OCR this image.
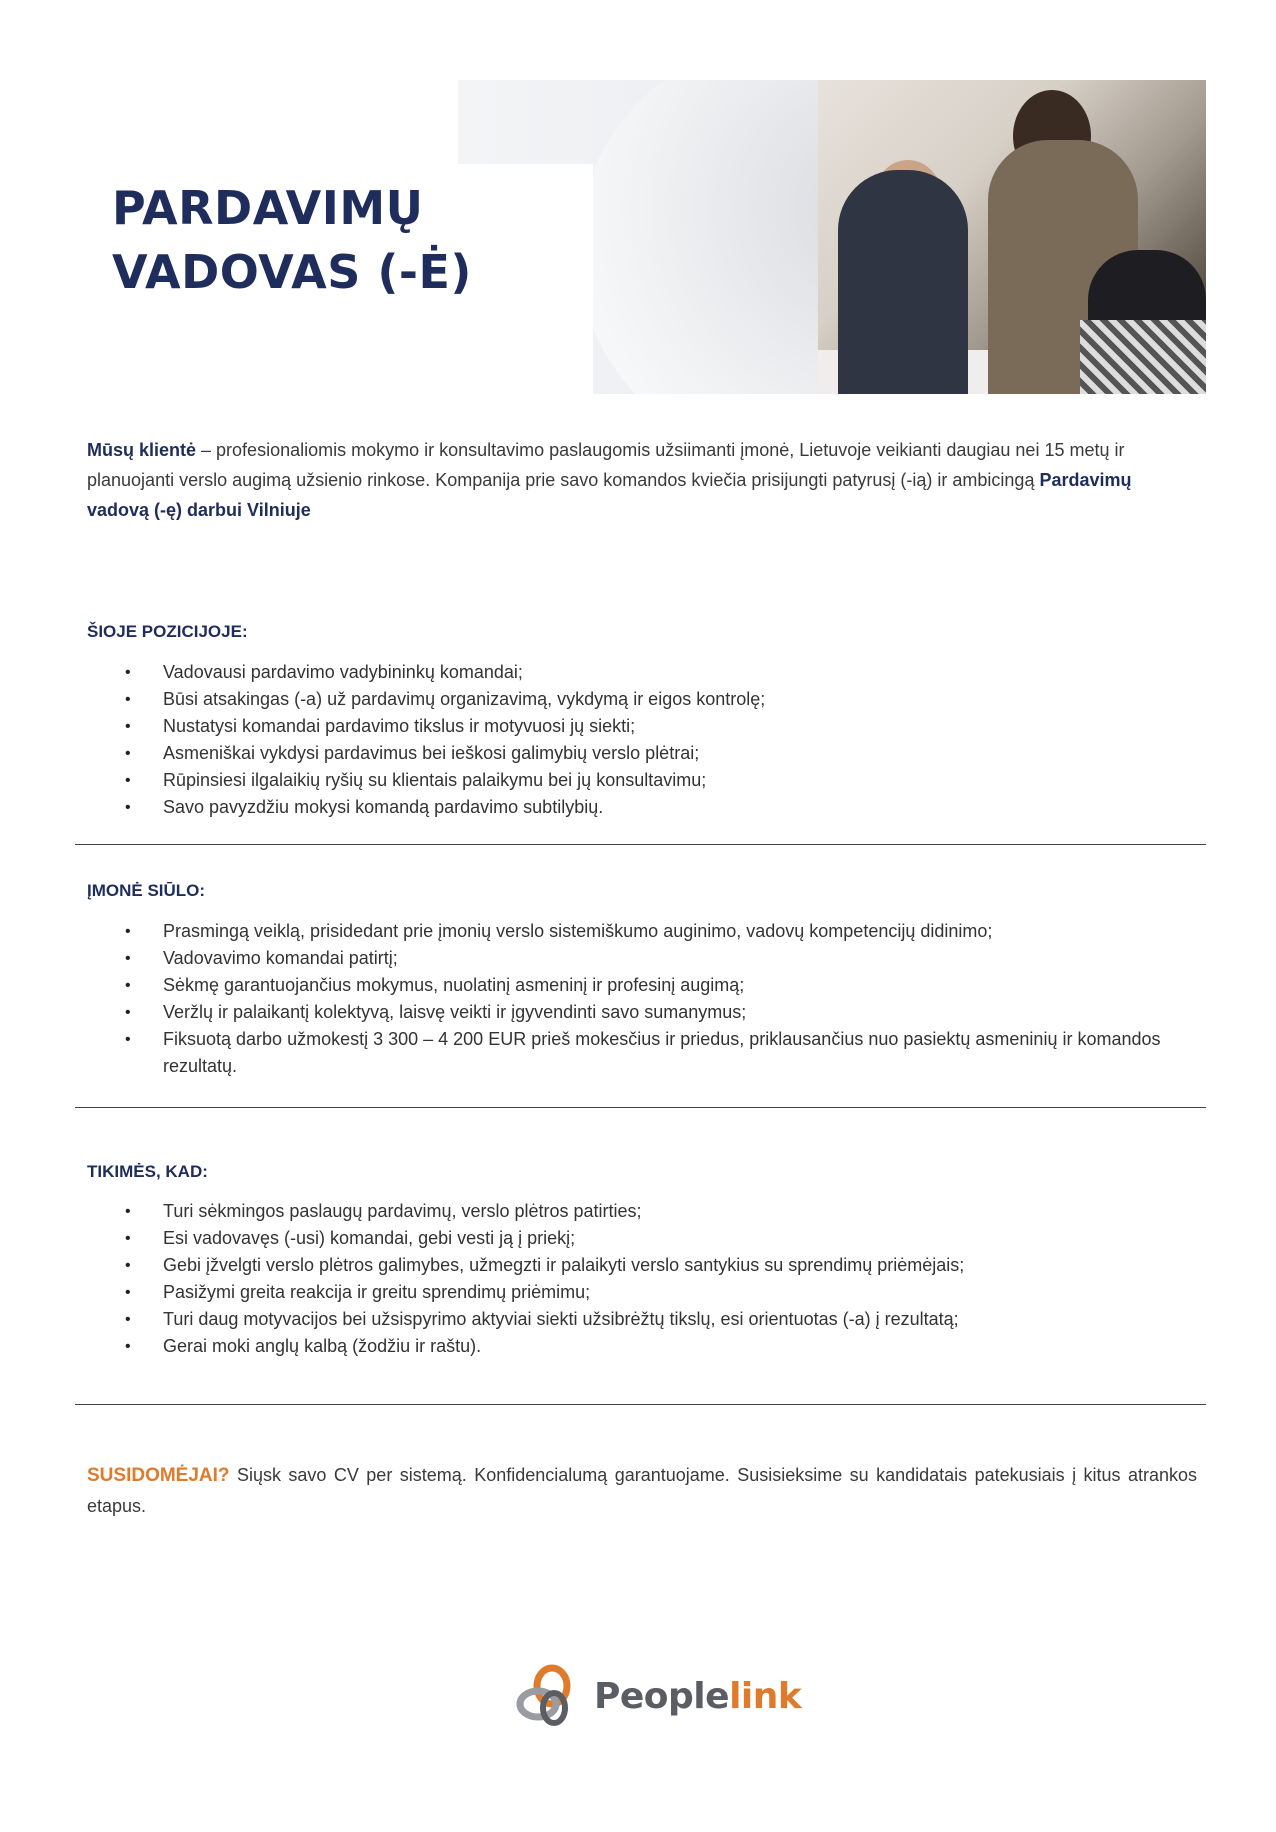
PARDAVIMŲ
VADOVAS (-Ė)

Mūsų klientė – profesionaliomis mokymo ir konsultavimo paslaugomis užsiimanti įmonė, Lietuvoje veikianti daugiau nei 15 metų ir planuojanti verslo augimą užsienio rinkose. Kompanija prie savo komandos kviečia prisijungti patyrusį (-ią) ir ambicingą Pardavimų vadovą (-ę) darbui Vilniuje

ŠIOJE POZICIJOJE:
• Vadovausi pardavimo vadybininkų komandai;
• Būsi atsakingas (-a) už pardavimų organizavimą, vykdymą ir eigos kontrolę;
• Nustatysi komandai pardavimo tikslus ir motyvuosi jų siekti;
• Asmeniškai vykdysi pardavimus bei ieškosi galimybių verslo plėtrai;
• Rūpinsiesi ilgalaikių ryšių su klientais palaikymu bei jų konsultavimu;
• Savo pavyzdžiu mokysi komandą pardavimo subtilybių.
ĮMONĖ SIŪLO:
• Prasmingą veiklą, prisidedant prie įmonių verslo sistemiškumo auginimo, vadovų kompetencijų didinimo;
• Vadovavimo komandai patirtį;
• Sėkmę garantuojančius mokymus, nuolatinį asmeninį ir profesinį augimą;
• Veržlų ir palaikantį kolektyvą, laisvę veikti ir įgyvendinti savo sumanymus;
• Fiksuotą darbo užmokestį 3 300 – 4 200 EUR prieš mokesčius ir priedus, priklausančius nuo pasiektų asmeninių ir komandos rezultatų.
TIKIMĖS, KAD:
• Turi sėkmingos paslaugų pardavimų, verslo plėtros patirties;
• Esi vadovavęs (-usi) komandai, gebi vesti ją į priekį;
• Gebi įžvelgti verslo plėtros galimybes, užmegzti ir palaikyti verslo santykius su sprendimų priėmėjais;
• Pasižymi greita reakcija ir greitu sprendimų priėmimu;
• Turi daug motyvacijos bei užsispyrimo aktyviai siekti užsibrėžtų tikslų, esi orientuotas (-a) į rezultatą;
• Gerai moki anglų kalbą (žodžiu ir raštu).

SUSIDOMĖJAI? Siųsk savo CV per sistemą. Konfidencialumą garantuojame. Susisieksime su kandidatais patekusiais į kitus atrankos etapus.

Peoplelink
